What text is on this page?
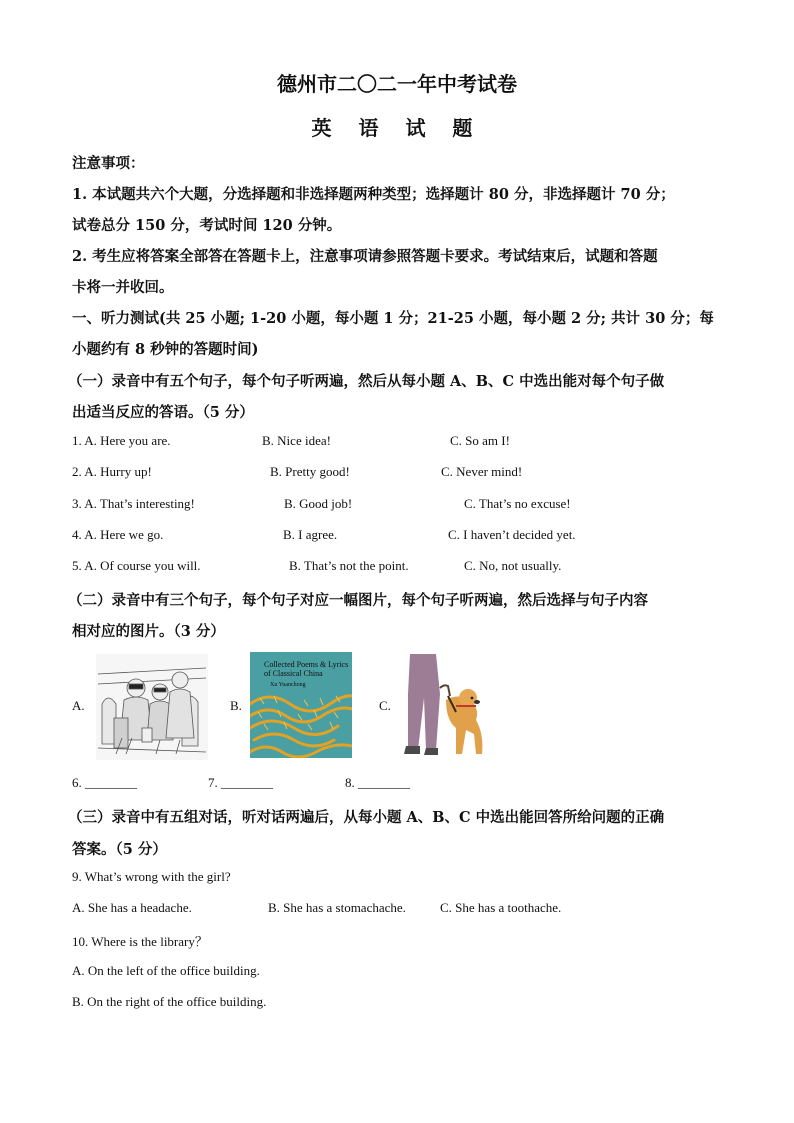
德州市二〇二一年中考试卷
英 语 试 题
注意事项：
1. 本试题共六个大题，分选择题和非选择题两种类型；选择题计 80 分，非选择题计 70 分；
试卷总分 150 分，考试时间 120 分钟。
2. 考生应将答案全部答在答题卡上，注意事项请参照答题卡要求。考试结束后，试题和答题
卡将一并收回。
一、听力测试(共 25 小题; 1-20 小题，每小题 1 分；21-25 小题，每小题 2 分; 共计 30 分；每
小题约有 8 秒钟的答题时间)
（一）录音中有五个句子，每个句子听两遍，然后从每小题 A、B、C 中选出能对每个句子做
出适当反应的答语。（5 分）
1. A. Here you are.	B. Nice idea!	C. So am I!
2. A. Hurry up!	B. Pretty good!	C. Never mind!
3. A. That’s interesting!	B. Good job!	C. That’s no excuse!
4. A. Here we go.	B. I agree.	C. I haven’t decided yet.
5. A. Of course you will.	B. That’s not the point.	C. No, not usually.
（二）录音中有三个句子，每个句子对应一幅图片，每个句子听两遍，然后选择与句子内容
相对应的图片。（3 分）
A.	B.
Collected Poems & Lyrics
of Classical China
Xu Yuanchong
C.
6. ________	7. ________	8. ________
（三）录音中有五组对话，听对话两遍后，从每小题 A、B、C 中选出能回答所给问题的正确
答案。（5 分）
9. What’s wrong with the girl?
A. She has a headache.	B. She has a stomachache.	C. She has a toothache.
10. Where is the library？
A. On the left of the office building.
B. On the right of the office building.
